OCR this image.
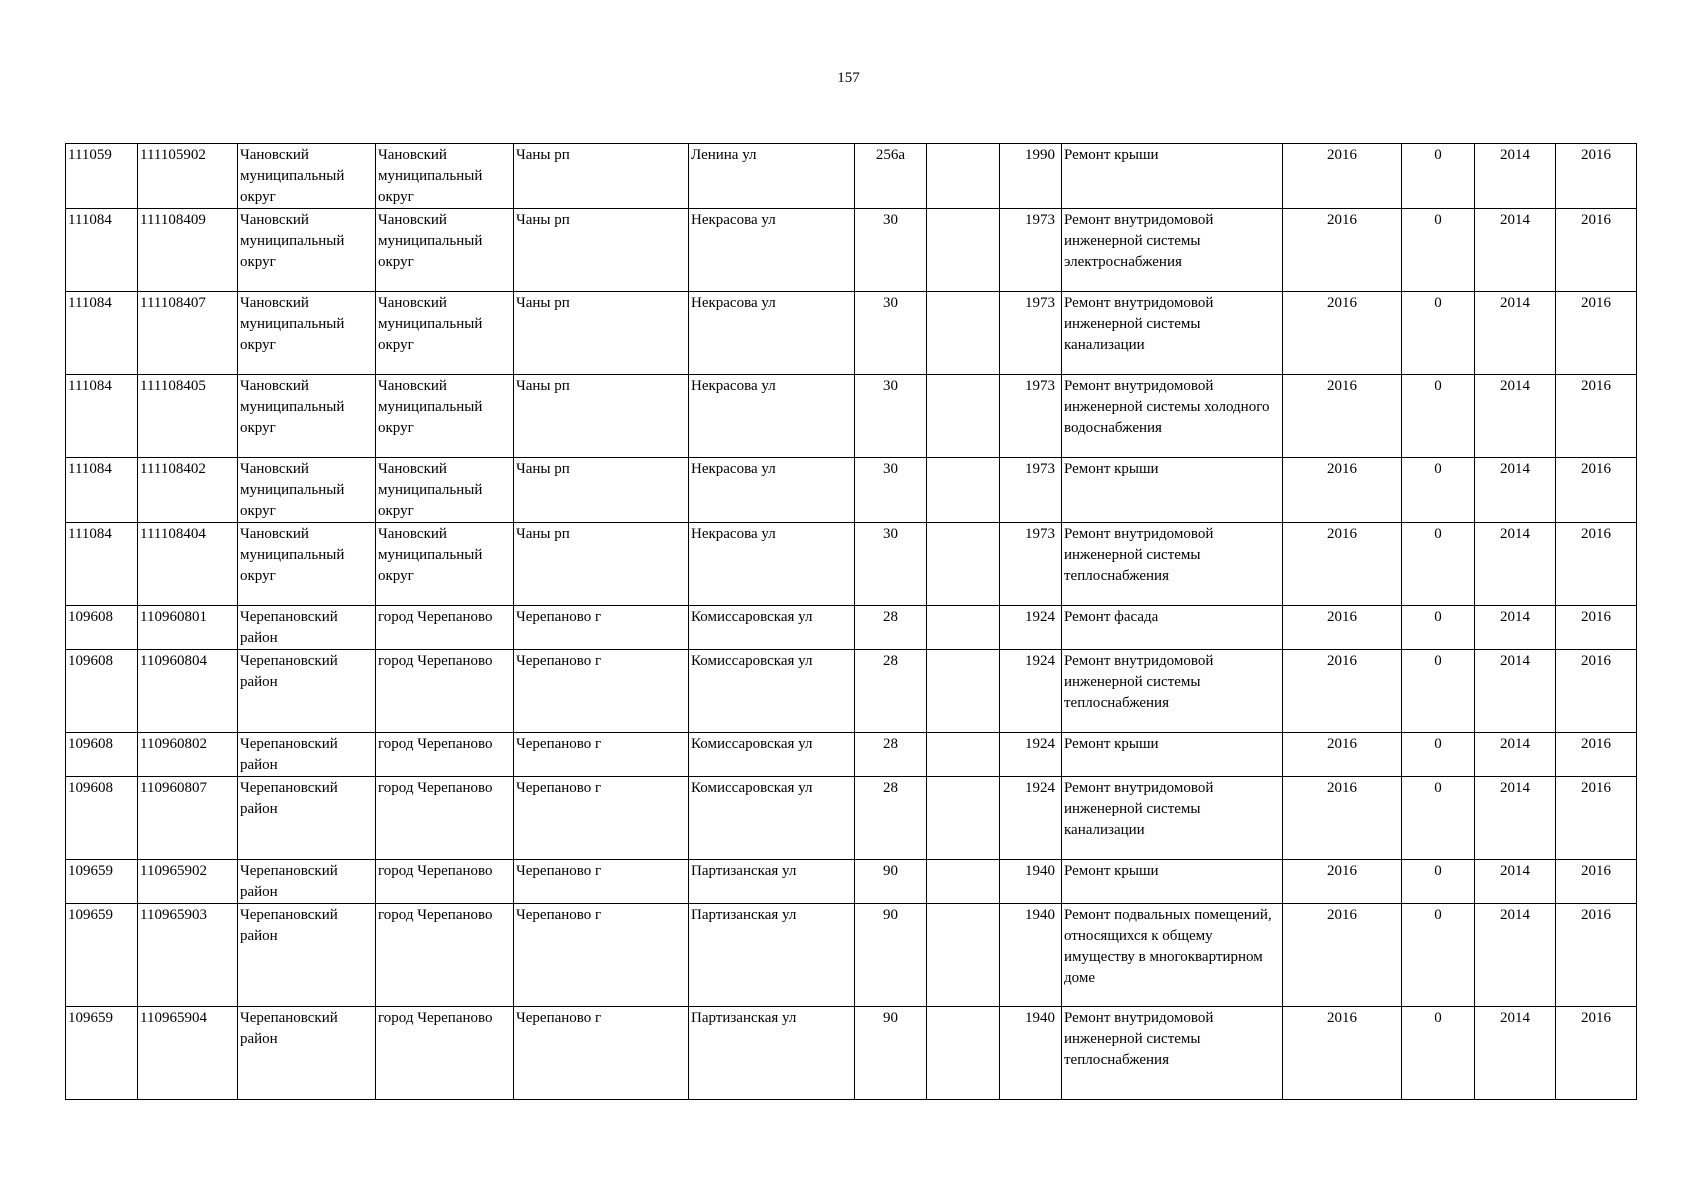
157
111059	111105902	Чановский муниципальный округ	Чановский муниципальный округ	Чаны рп	Ленина ул	256а		1990	Ремонт крыши	2016	0	2014	2016
111084	111108409	Чановский муниципальный округ	Чановский муниципальный округ	Чаны рп	Некрасова ул	30		1973	Ремонт внутридомовой инженерной системы электроснабжения	2016	0	2014	2016
111084	111108407	Чановский муниципальный округ	Чановский муниципальный округ	Чаны рп	Некрасова ул	30		1973	Ремонт внутридомовой инженерной системы канализации	2016	0	2014	2016
111084	111108405	Чановский муниципальный округ	Чановский муниципальный округ	Чаны рп	Некрасова ул	30		1973	Ремонт внутридомовой инженерной системы холодного водоснабжения	2016	0	2014	2016
111084	111108402	Чановский муниципальный округ	Чановский муниципальный округ	Чаны рп	Некрасова ул	30		1973	Ремонт крыши	2016	0	2014	2016
111084	111108404	Чановский муниципальный округ	Чановский муниципальный округ	Чаны рп	Некрасова ул	30		1973	Ремонт внутридомовой инженерной системы теплоснабжения	2016	0	2014	2016
109608	110960801	Черепановский район	город Черепаново	Черепаново г	Комиссаровская ул	28		1924	Ремонт фасада	2016	0	2014	2016
109608	110960804	Черепановский район	город Черепаново	Черепаново г	Комиссаровская ул	28		1924	Ремонт внутридомовой инженерной системы теплоснабжения	2016	0	2014	2016
109608	110960802	Черепановский район	город Черепаново	Черепаново г	Комиссаровская ул	28		1924	Ремонт крыши	2016	0	2014	2016
109608	110960807	Черепановский район	город Черепаново	Черепаново г	Комиссаровская ул	28		1924	Ремонт внутридомовой инженерной системы канализации	2016	0	2014	2016
109659	110965902	Черепановский район	город Черепаново	Черепаново г	Партизанская ул	90		1940	Ремонт крыши	2016	0	2014	2016
109659	110965903	Черепановский район	город Черепаново	Черепаново г	Партизанская ул	90		1940	Ремонт подвальных помещений, относящихся к общему имуществу в многоквартирном доме	2016	0	2014	2016
109659	110965904	Черепановский район	город Черепаново	Черепаново г	Партизанская ул	90		1940	Ремонт внутридомовой инженерной системы теплоснабжения	2016	0	2014	2016
